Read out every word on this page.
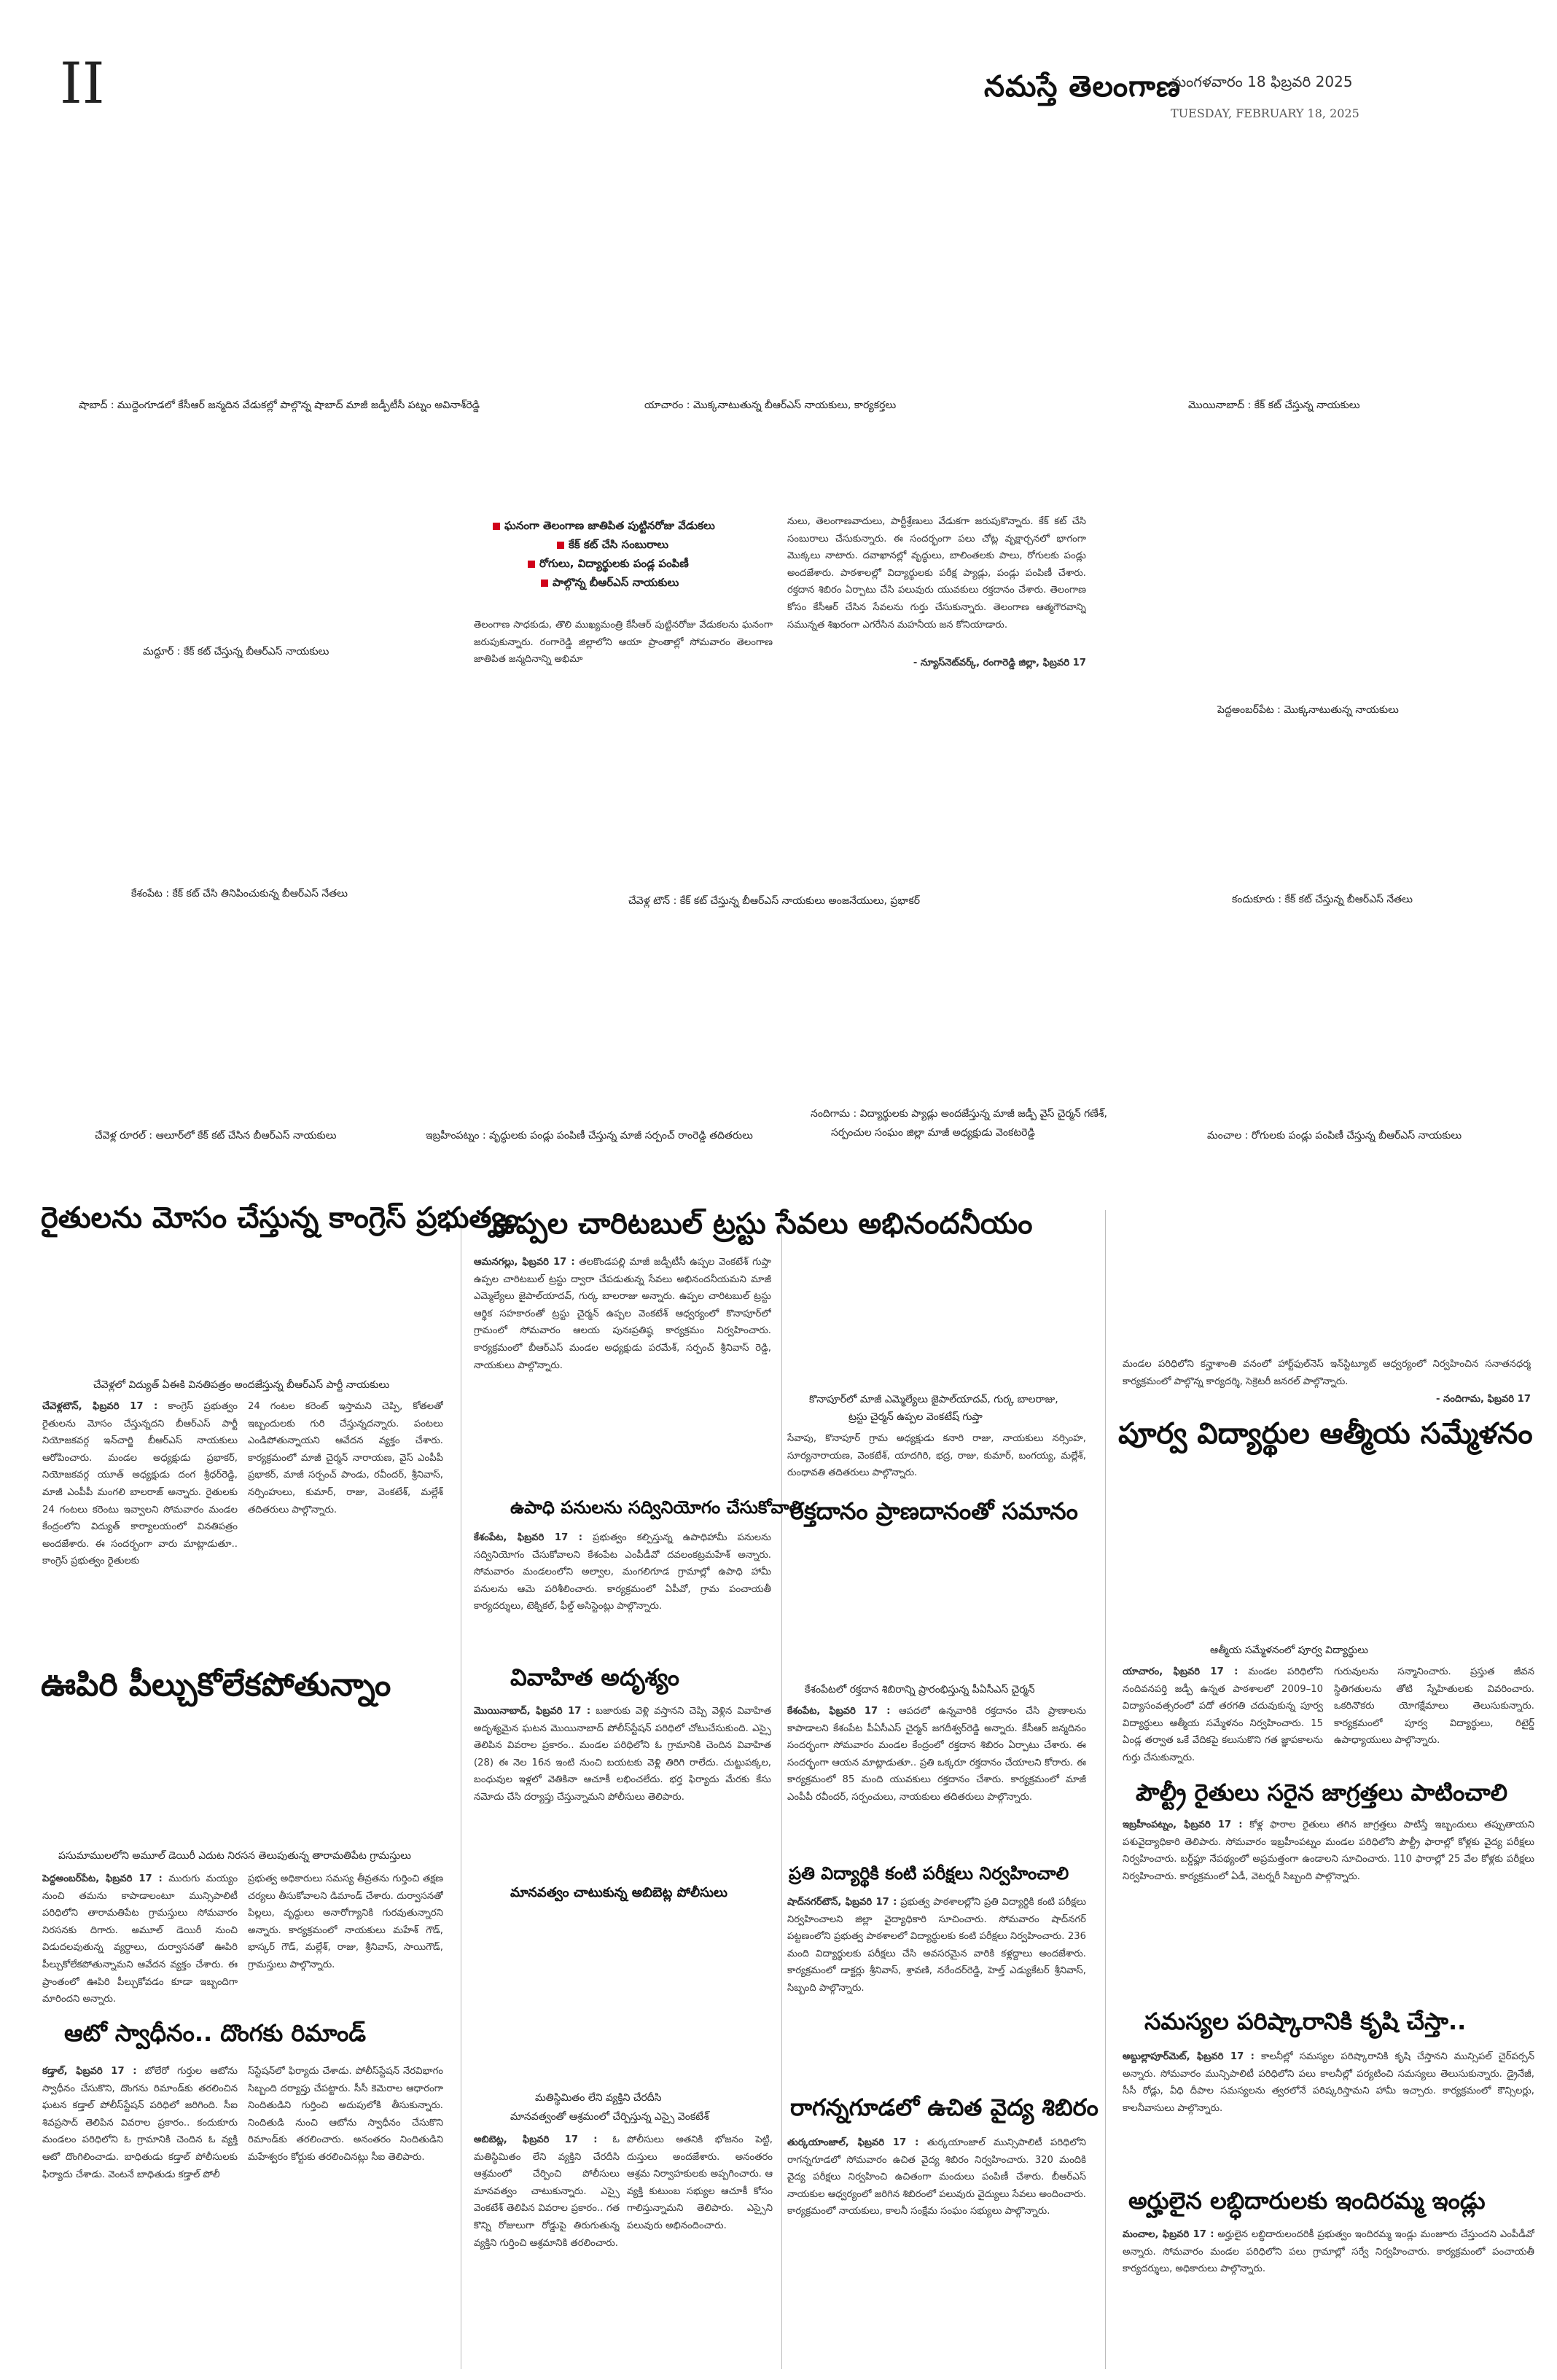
II	నమస్తే తెలంగాణ
మంగళవారం 18 ఫిబ్రవరి 2025
TUESDAY, FEBRUARY 18, 2025
షాబాద్ : ముద్దెంగూడలో కేసీఆర్ జన్మదిన వేడుకల్లో పాల్గొన్న షాబాద్ మాజీ జడ్పీటీసీ పట్నం అవినాశ్‌రెడ్డి	యాచారం : మొక్కనాటుతున్న బీఆర్ఎస్ నాయకులు, కార్యకర్తలు	మొయినాబాద్ : కేక్ కట్ చేస్తున్న నాయకులు
మద్దూర్ : కేక్ కట్ చేస్తున్న బీఆర్ఎస్ నాయకులు
పెద్దఅంబర్‌పేట : మొక్కనాటుతున్న నాయకులు
కేశంపేట : కేక్ కట్ చేసి తినిపించుకున్న బీఆర్ఎస్ నేతలు
చేవెళ్ల టౌన్ : కేక్ కట్ చేస్తున్న బీఆర్ఎస్ నాయకులు అంజనేయులు, ప్రభాకర్	కందుకూరు : కేక్ కట్ చేస్తున్న బీఆర్ఎస్ నేతలు
చేవెళ్ల రూరల్ : ఆలూర్‌లో కేక్ కట్ చేసిన బీఆర్ఎస్ నాయకులు	ఇబ్రహీంపట్నం : వృద్ధులకు పండ్లు పంపిణీ చేస్తున్న మాజీ సర్పంచ్ రాంరెడ్డి తదితరులు
నందిగామ : విద్యార్థులకు ప్యాడ్లు అందజేస్తున్న మాజీ జడ్పీ వైస్ చైర్మన్ గణేశ్,
సర్పంచుల సంఘం జిల్లా మాజీ అధ్యక్షుడు వెంకటరెడ్డి	మంచాల : రోగులకు పండ్లు పంపిణీ చేస్తున్న బీఆర్ఎస్ నాయకులు
ఘనంగా తెలంగాణ జాతిపిత పుట్టినరోజు వేడుకలు
కేక్ కట్ చేసి సంబురాలు
రోగులు, విద్యార్థులకు పండ్ల పంపిణీ
పాల్గొన్న బీఆర్ఎస్ నాయకులు
తెలంగాణ సాధకుడు, తొలి ముఖ్యమంత్రి కేసీఆర్ పుట్టినరోజు వేడుకలను ఘనంగా జరుపుకున్నారు. రంగారెడ్డి జిల్లాలోని ఆయా ప్రాంతాల్లో సోమవారం తెలంగాణ జాతిపిత జన్మదినాన్ని అభిమా
నులు, తెలంగాణవాదులు, పార్టీశ్రేణులు వేడుకగా జరుపుకొన్నారు. కేక్ కట్ చేసి సంబురాలు చేసుకున్నారు. ఈ సందర్భంగా పలు చోట్ల వృక్షార్చనలో భాగంగా మొక్కలు నాటారు. దవాఖానల్లో వృద్ధులు, బాలింతలకు పాలు, రోగులకు పండ్లు అందజేశారు. పాఠశాలల్లో విద్యార్థులకు పరీక్ష ప్యాడ్లు, పండ్లు పంపిణీ చేశారు. రక్తదాన శిబిరం ఏర్పాటు చేసి పలువురు యువకులు రక్తదానం చేశారు. తెలంగాణ కోసం కేసీఆర్ చేసిన సేవలను గుర్తు చేసుకున్నారు. తెలంగాణ ఆత్మగౌరవాన్ని సమున్నత శిఖరంగా ఎగరేసిన మహనీయ జన కోనియాడారు.
- న్యూస్‌నెట్‌వర్క్, రంగారెడ్డి జిల్లా, ఫిబ్రవరి 17
రైతులను మోసం చేస్తున్న కాంగ్రెస్ ప్రభుత్వం
చేవెళ్లలో విద్యుత్ ఏఈకి వినతిపత్రం అందజేస్తున్న బీఆర్ఎస్ పార్టీ నాయకులు
చేవెళ్లటౌన్, ఫిబ్రవరి 17 : కాంగ్రెస్ ప్రభుత్వం రైతులను మోసం చేస్తున్నదని బీఆర్ఎస్ పార్టీ నియోజకవర్గ ఇన్‌చార్జి బీఆర్ఎస్ నాయకులు ఆరోపించారు. మండల అధ్యక్షుడు ప్రభాకర్, నియోజకవర్గ యూత్ అధ్యక్షుడు దంగ శ్రీధర్‌రెడ్డి, మాజీ ఎంపీపీ మంగలి బాలరాజ్ అన్నారు. రైతులకు 24 గంటలు కరెంటు ఇవ్వాలని సోమవారం మండల కేంద్రంలోని విద్యుత్ కార్యాలయంలో వినతిపత్రం అందజేశారు. ఈ సందర్భంగా వారు మాట్లాడుతూ.. కాంగ్రెస్ ప్రభుత్వం రైతులకు
24 గంటల కరెంట్ ఇస్తామని చెప్పి, కోతలతో ఇబ్బందులకు గురి చేస్తున్నదన్నారు. పంటలు ఎండిపోతున్నాయని ఆవేదన వ్యక్తం చేశారు. కార్యక్రమంలో మాజీ చైర్మన్ నారాయణ, వైస్ ఎంపీపీ ప్రభాకర్, మాజీ సర్పంచ్ పాండు, రవీందర్, శ్రీనివాస్, నర్సింహులు, కుమార్, రాజు, వెంకటేశ్, మల్లేశ్ తదితరులు పాల్గొన్నారు.
ఊపిరి పీల్చుకోలేకపోతున్నాం
పసుమాములలోని అమూల్ డెయిరీ ఎదుట నిరసన తెలుపుతున్న తారామతిపేట గ్రామస్తులు
పెద్దఅంబర్‌పేట, ఫిబ్రవరి 17 : మురుగు మయ్యం నుంచి తమను కాపాడాలంటూ మున్సిపాలిటీ పరిధిలోని తారామతిపేట గ్రామస్తులు సోమవారం నిరసనకు దిగారు. అమూల్ డెయిరీ నుంచి విడుదలవుతున్న వ్యర్థాలు, దుర్వాసనతో ఊపిరి పీల్చుకోలేకపోతున్నామని ఆవేదన వ్యక్తం చేశారు. ఈ ప్రాంతంలో ఊపిరి పీల్చుకోవడం కూడా ఇబ్బందిగా మారిందని అన్నారు.
ప్రభుత్వ అధికారులు సమస్య తీవ్రతను గుర్తించి తక్షణ చర్యలు తీసుకోవాలని డిమాండ్ చేశారు. దుర్వాసనతో పిల్లలు, వృద్ధులు అనారోగ్యానికి గురవుతున్నారని అన్నారు. కార్యక్రమంలో నాయకులు మహేశ్ గౌడ్, భాస్కర్ గౌడ్, మల్లేశ్, రాజు, శ్రీనివాస్, సాయిగౌడ్, గ్రామస్తులు పాల్గొన్నారు.
ఆటో స్వాధీనం.. దొంగకు రిమాండ్
కడ్తాల్, ఫిబ్రవరి 17 : బోలేరో గుర్తుల ఆటోను స్వాధీనం చేసుకొని, దొంగను రిమాండ్‌కు తరలించిన ఘటన కడ్తాల్ పోలీస్‌స్టేషన్ పరిధిలో జరిగింది. సీఐ శివప్రసాద్ తెలిపిన వివరాల ప్రకారం.. కందుకూరు మండలం పరిధిలోని ఓ గ్రామానికి చెందిన ఓ వ్యక్తి ఆటో దొంగిలించాడు. బాధితుడు కడ్తాల్ పోలీసులకు ఫిర్యాదు చేశాడు. వెంటనే బాధితుడు కడ్తాల్ పోలీ
స్‌స్టేషన్‌లో ఫిర్యాదు చేశాడు. పోలీస్‌స్టేషన్ నేరవిభాగం సిబ్బంది దర్యాప్తు చేపట్టారు. సీసీ కెమెరాల ఆధారంగా నిందితుడిని గుర్తించి అదుపులోకి తీసుకున్నారు. నిందితుడి నుంచి ఆటోను స్వాధీనం చేసుకొని రిమాండ్‌కు తరలించారు. అనంతరం నిందితుడిని మహేశ్వరం కోర్టుకు తరలించినట్లు సీఐ తెలిపారు.
ఉప్పల చారిటబుల్ ట్రస్టు సేవలు అభినందనీయం
ఆమనగల్లు, ఫిబ్రవరి 17 : తలకొండపల్లి మాజీ జడ్పీటీసీ ఉప్పల వెంకటేశ్ గుప్తా ఉప్పల చారిటబుల్ ట్రస్టు ద్వారా చేపడుతున్న సేవలు అభినందనీయమని మాజీ ఎమ్మెల్యేలు జైపాల్‌యాదవ్, గుర్క బాలరాజు అన్నారు. ఉప్పల చారిటబుల్ ట్రస్టు ఆర్థిక సహకారంతో ట్రస్టు చైర్మన్ ఉప్పల వెంకటేశ్ ఆధ్వర్యంలో కొనాపూర్‌లో గ్రామంలో సోమవారం ఆలయ పునఃప్రతిష్ఠ కార్యక్రమం నిర్వహించారు. కార్యక్రమంలో బీఆర్ఎస్ మండల అధ్యక్షుడు పరమేశ్, సర్పంచ్ శ్రీనివాస్ రెడ్డి, నాయకులు పాల్గొన్నారు.
కొనాపూర్‌లో మాజీ ఎమ్మెల్యేలు జైపాల్‌యాదవ్, గుర్క బాలరాజు,
ట్రస్టు చైర్మన్ ఉప్పల వెంకటేష్ గుప్తా
సేవాపు, కొనాపూర్ గ్రామ అధ్యక్షుడు కనారి రాజు, నాయకులు నర్సింహ, సూర్యనారాయణ, వెంకటేశ్, యాదగిరి, భద్ర, రాజు, కుమార్, బంగయ్య, మల్లేశ్, రుంధావతి తదితరులు పాల్గొన్నారు.
ఉపాధి పనులను సద్వినియోగం చేసుకోవాలి
కేశంపేట, ఫిబ్రవరి 17 : ప్రభుత్వం కల్పిస్తున్న ఉపాధిహామీ పనులను సద్వినియోగం చేసుకోవాలని కేశంపేట ఎంపీడీవో దవలంకట్రమహేశ్ అన్నారు. సోమవారం మండలంలోని అల్వాల, మంగలిగూడ గ్రామాల్లో ఉపాధి హామీ పనులను ఆమె పరిశీలించారు. కార్యక్రమంలో ఏపీవో, గ్రామ పంచాయతీ కార్యదర్శులు, టెక్నికల్, ఫీల్డ్ అసిస్టెంట్లు పాల్గొన్నారు.
రక్తదానం ప్రాణదానంతో సమానం
కేశంపేటలో రక్తదాన శిబిరాన్ని ప్రారంభిస్తున్న పీఏసీఎస్ చైర్మన్
కేశంపేట, ఫిబ్రవరి 17 : ఆపదలో ఉన్నవారికి రక్తదానం చేసి ప్రాణాలను కాపాడాలని కేశంపేట పీఏసీఎస్ చైర్మన్ జగదీశ్వర్‌రెడ్డి అన్నారు. కేసీఆర్ జన్మదినం సందర్భంగా సోమవారం మండల కేంద్రంలో రక్తదాన శిబిరం ఏర్పాటు చేశారు. ఈ సందర్భంగా ఆయన మాట్లాడుతూ.. ప్రతి ఒక్కరూ రక్తదానం చేయాలని కోరారు. ఈ కార్యక్రమంలో 85 మంది యువకులు రక్తదానం చేశారు. కార్యక్రమంలో మాజీ ఎంపీపీ రవీందర్, సర్పంచులు, నాయకులు తదితరులు పాల్గొన్నారు.
వివాహిత అదృశ్యం
మొయినాబాద్, ఫిబ్రవరి 17 : బజారుకు వెళ్లి వస్తానని చెప్పి వెళ్లిన వివాహిత అదృశ్యమైన ఘటన మొయినాబాద్ పోలీస్‌స్టేషన్ పరిధిలో చోటుచేసుకుంది. ఎస్సై తెలిపిన వివరాల ప్రకారం.. మండల పరిధిలోని ఓ గ్రామానికి చెందిన వివాహిత (28) ఈ నెల 16న ఇంటి నుంచి బయటకు వెళ్లి తిరిగి రాలేదు. చుట్టుపక్కల, బంధువుల ఇళ్లలో వెతికినా ఆచూకీ లభించలేదు. భర్త ఫిర్యాదు మేరకు కేసు నమోదు చేసి దర్యాప్తు చేస్తున్నామని పోలీసులు తెలిపారు.
మానవత్వం చాటుకున్న అబిబెట్ల పోలీసులు
మతిస్థిమితం లేని వ్యక్తిని చేరదీసి
మానవత్వంతో ఆశ్రమంలో చేర్పిస్తున్న ఎస్సై వెంకటేశ్
అబిబెట్ల, ఫిబ్రవరి 17 : ఓ మతిస్థిమితం లేని వ్యక్తిని చేరదీసి ఆశ్రమంలో చేర్పించి పోలీసులు మానవత్వం చాటుకున్నారు. ఎస్సై వెంకటేశ్ తెలిపిన వివరాల ప్రకారం.. గత కొన్ని రోజులుగా రోడ్డుపై తిరుగుతున్న వ్యక్తిని గుర్తించి ఆశ్రమానికి తరలించారు.
పోలీసులు అతనికి భోజనం పెట్టి, దుస్తులు అందజేశారు. అనంతరం ఆశ్రమ నిర్వాహకులకు అప్పగించారు. ఆ వ్యక్తి కుటుంబ సభ్యుల ఆచూకీ కోసం గాలిస్తున్నామని తెలిపారు. ఎస్సైని పలువురు అభినందించారు.
ప్రతి విద్యార్థికి కంటి పరీక్షలు నిర్వహించాలి
షాద్‌నగర్‌టౌన్, ఫిబ్రవరి 17 : ప్రభుత్వ పాఠశాలల్లోని ప్రతి విద్యార్థికి కంటి పరీక్షలు నిర్వహించాలని జిల్లా వైద్యాధికారి సూచించారు. సోమవారం షాద్‌నగర్ పట్టణంలోని ప్రభుత్వ పాఠశాలలో విద్యార్థులకు కంటి పరీక్షలు నిర్వహించారు. 236 మంది విద్యార్థులకు పరీక్షలు చేసి అవసరమైన వారికి కళ్లద్దాలు అందజేశారు. కార్యక్రమంలో డాక్టర్లు శ్రీనివాస్, శ్రావణి, నరేందర్‌రెడ్డి, హెల్త్ ఎడ్యుకేటర్ శ్రీనివాస్, సిబ్బంది పాల్గొన్నారు.
రాగన్నగూడలో ఉచిత వైద్య శిబిరం
తుర్కయాంజాల్, ఫిబ్రవరి 17 : తుర్కయాంజాల్ మున్సిపాలిటీ పరిధిలోని రాగన్నగూడలో సోమవారం ఉచిత వైద్య శిబిరం నిర్వహించారు. 320 మందికి వైద్య పరీక్షలు నిర్వహించి ఉచితంగా మందులు పంపిణీ చేశారు. బీఆర్ఎస్ నాయకుల ఆధ్వర్యంలో జరిగిన శిబిరంలో పలువురు వైద్యులు సేవలు అందించారు. కార్యక్రమంలో నాయకులు, కాలనీ సంక్షేమ సంఘం సభ్యులు పాల్గొన్నారు.
మండల పరిధిలోని కన్హాశాంతి వనంలో హార్ట్‌ఫుల్‌నెస్ ఇన్‌స్టిట్యూట్ ఆధ్వర్యంలో నిర్వహించిన సనాతనధర్మ కార్యక్రమంలో పాల్గొన్న కార్యదర్శి, సెక్రెటరీ జనరల్ పాల్గొన్నారు.
- నందిగామ, ఫిబ్రవరి 17
పూర్వ విద్యార్థుల ఆత్మీయ సమ్మేళనం
ఆత్మీయ సమ్మేళనంలో పూర్వ విద్యార్థులు
యాచారం, ఫిబ్రవరి 17 : మండల పరిధిలోని నందివనపర్తి జడ్పీ ఉన్నత పాఠశాలలో 2009–10 విద్యాసంవత్సరంలో పదో తరగతి చదువుకున్న పూర్వ విద్యార్థులు ఆత్మీయ సమ్మేళనం నిర్వహించారు. 15 ఏండ్ల తర్వాత ఒకే వేదికపై కలుసుకొని గత జ్ఞాపకాలను గుర్తు చేసుకున్నారు.
గురువులను సన్మానించారు. ప్రస్తుత జీవన స్థితిగతులను తోటి స్నేహితులకు వివరించారు. ఒకరినొకరు యోగక్షేమాలు తెలుసుకున్నారు. కార్యక్రమంలో పూర్వ విద్యార్థులు, రిటైర్డ్ ఉపాధ్యాయులు పాల్గొన్నారు.
పౌల్ట్రీ రైతులు సరైన జాగ్రత్తలు పాటించాలి
ఇబ్రహీంపట్నం, ఫిబ్రవరి 17 : కోళ్ల ఫారాల రైతులు తగిన జాగ్రత్తలు పాటిస్తే ఇబ్బందులు తప్పుతాయని పశువైద్యాధికారి తెలిపారు. సోమవారం ఇబ్రహీంపట్నం మండల పరిధిలోని పౌల్ట్రీ ఫారాల్లో కోళ్లకు వైద్య పరీక్షలు నిర్వహించారు. బర్డ్‌ఫ్లూ నేపథ్యంలో అప్రమత్తంగా ఉండాలని సూచించారు. 110 ఫారాల్లో 25 వేల కోళ్లకు పరీక్షలు నిర్వహించారు. కార్యక్రమంలో ఏడీ, వెటర్నరీ సిబ్బంది పాల్గొన్నారు.
సమస్యల పరిష్కారానికి కృషి చేస్తా..
అబ్దుల్లాపూర్‌మెట్, ఫిబ్రవరి 17 : కాలనీల్లో సమస్యల పరిష్కారానికి కృషి చేస్తానని మున్సిపల్ చైర్‌పర్సన్ అన్నారు. సోమవారం మున్సిపాలిటీ పరిధిలోని పలు కాలనీల్లో పర్యటించి సమస్యలు తెలుసుకున్నారు. డ్రైనేజీ, సీసీ రోడ్లు, వీధి దీపాల సమస్యలను త్వరలోనే పరిష్కరిస్తామని హామీ ఇచ్చారు. కార్యక్రమంలో కౌన్సిలర్లు, కాలనీవాసులు పాల్గొన్నారు.
అర్హులైన లబ్ధిదారులకు ఇందిరమ్మ ఇండ్లు
మంచాల, ఫిబ్రవరి 17 : అర్హులైన లబ్ధిదారులందరికీ ప్రభుత్వం ఇందిరమ్మ ఇండ్లు మంజూరు చేస్తుందని ఎంపీడీవో అన్నారు. సోమవారం మండల పరిధిలోని పలు గ్రామాల్లో సర్వే నిర్వహించారు. కార్యక్రమంలో పంచాయతీ కార్యదర్శులు, అధికారులు పాల్గొన్నారు.
